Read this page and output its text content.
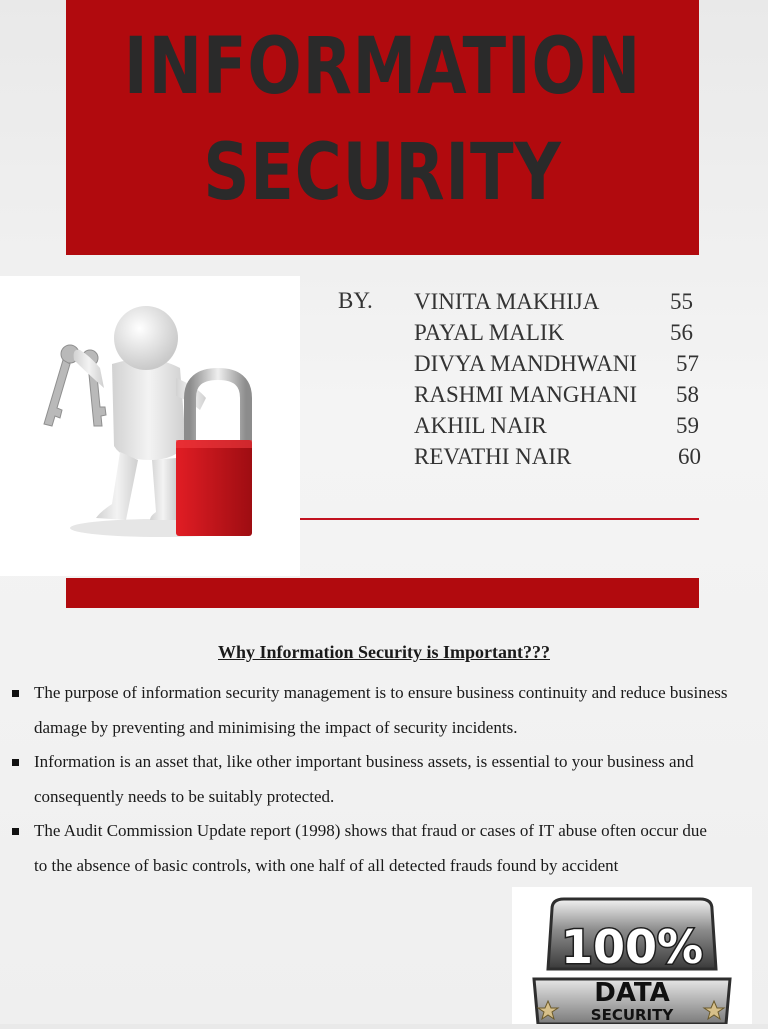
INFORMATION
SECURITY
BY. VINITA MAKHIJA	55
PAYAL MALIK	56
DIVYA MANDHWANI 57
RASHMI MANGHANI 58
AKHIL NAIR	59
REVATHI NAIR	60
Why Information Security is Important???
The purpose of information security management is to ensure business continuity and reduce business damage by preventing and minimising the impact of security incidents.
Information is an asset that, like other important business assets, is essential to your business and consequently needs to be suitably protected.
The Audit Commission Update report (1998) shows that fraud or cases of IT abuse often occur due to the absence of basic controls, with one half of all detected frauds found by accident
100%
DATA
SECURITY
